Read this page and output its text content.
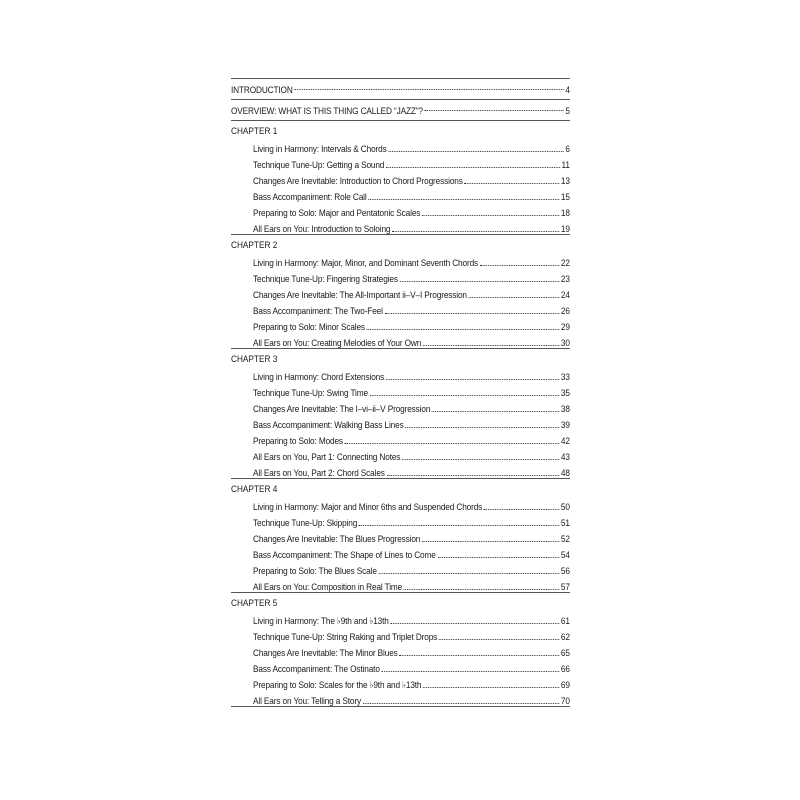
INTRODUCTION	4
OVERVIEW: WHAT IS THIS THING CALLED “JAZZ”?	5
CHAPTER 1
Living in Harmony: Intervals & Chords	6
Technique Tune-Up: Getting a Sound	11
Changes Are Inevitable: Introduction to Chord Progressions	13
Bass Accompaniment: Role Call	15
Preparing to Solo: Major and Pentatonic Scales	18
All Ears on You: Introduction to Soloing	19
CHAPTER 2
Living in Harmony: Major, Minor, and Dominant Seventh Chords	22
Technique Tune-Up: Fingering Strategies	23
Changes Are Inevitable: The All-Important ii–V–I Progression	24
Bass Accompaniment: The Two-Feel	26
Preparing to Solo: Minor Scales	29
All Ears on You: Creating Melodies of Your Own	30
CHAPTER 3
Living in Harmony: Chord Extensions	33
Technique Tune-Up: Swing Time	35
Changes Are Inevitable: The I–vi–ii–V Progression	38
Bass Accompaniment: Walking Bass Lines	39
Preparing to Solo: Modes	42
All Ears on You, Part 1: Connecting Notes	43
All Ears on You, Part 2: Chord Scales	48
CHAPTER 4
Living in Harmony: Major and Minor 6ths and Suspended Chords	50
Technique Tune-Up: Skipping	51
Changes Are Inevitable: The Blues Progression	52
Bass Accompaniment: The Shape of Lines to Come	54
Preparing to Solo: The Blues Scale	56
All Ears on You: Composition in Real Time	57
CHAPTER 5
Living in Harmony: The ♭9th and ♭13th	61
Technique Tune-Up: String Raking and Triplet Drops	62
Changes Are Inevitable: The Minor Blues	65
Bass Accompaniment: The Ostinato	66
Preparing to Solo: Scales for the ♭9th and ♭13th	69
All Ears on You: Telling a Story	70
